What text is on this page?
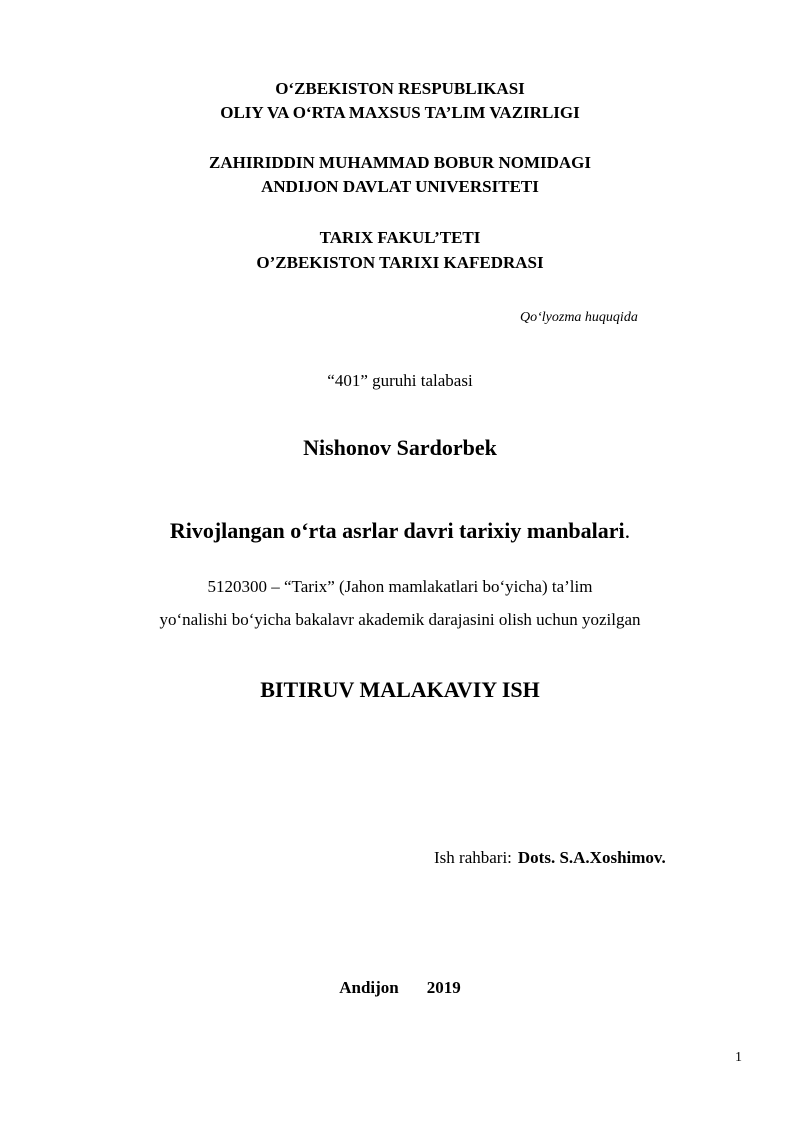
O‘ZBEKISTON RESPUBLIKASI
OLIY VA O‘RTA MAXSUS TA’LIM VAZIRLIGI
ZAHIRIDDIN MUHAMMAD BOBUR NOMIDAGI
ANDIJON DAVLAT UNIVERSITETI
TARIX FAKUL’TETI
O’ZBEKISTON TARIXI KAFEDRASI
Qo‘lyozma huquqida
“401” guruhi talabasi
Nishonov Sardorbek
Rivojlangan o‘rta asrlar davri tarixiy manbalari.
5120300 – “Tarix” (Jahon mamlakatlari bo‘yicha) ta’lim
yo‘nalishi bo‘yicha bakalavr akademik darajasini olish uchun yozilgan
BITIRUV MALAKAVIY ISH
Ish rahbari: Dots. S.A.Xoshimov.
Andijon 2019
1
